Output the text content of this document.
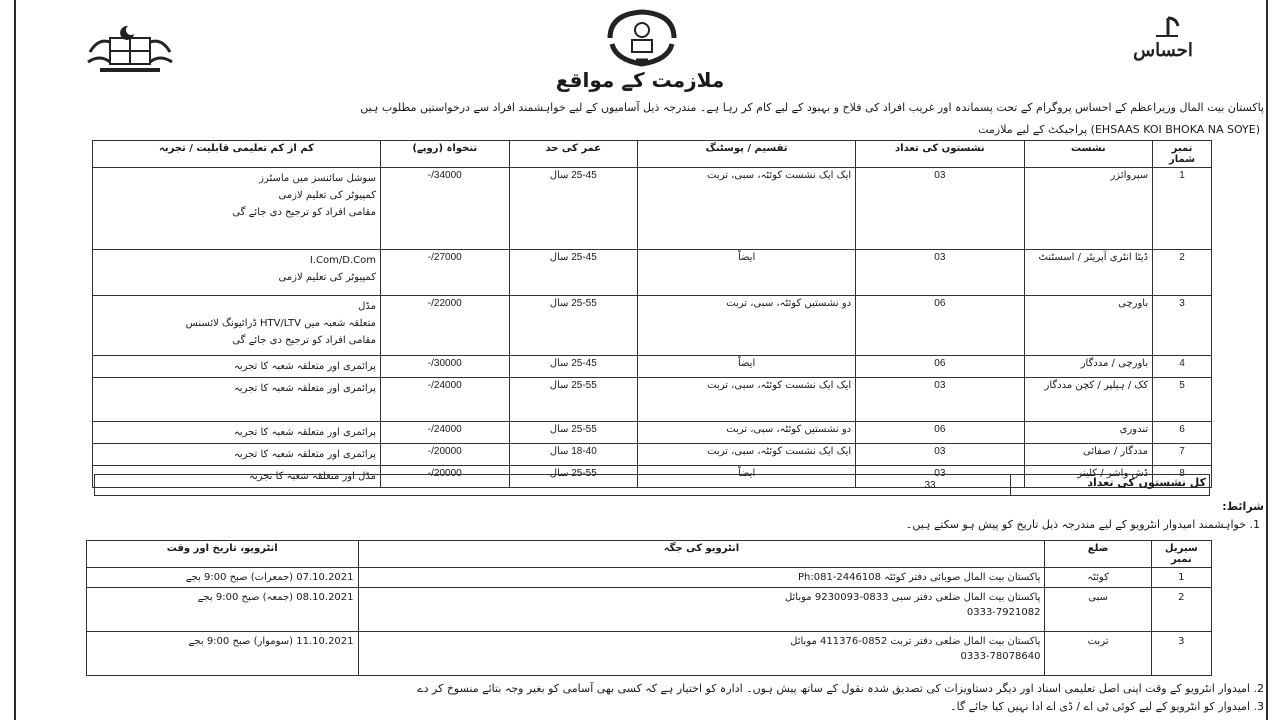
احساس
ملازمت کے مواقع
پاکستان بیت المال وزیراعظم کے احساس پروگرام کے تحت پسماندہ اور غریب افراد کی فلاح و بہبود کے لیے کام کر رہا ہے۔ مندرجہ ذیل آسامیوں کے لیے خواہشمند افراد سے درخواستیں مطلوب ہیں
(EHSAAS KOI BHOKA NA SOYE) پراجیکٹ کے لیے ملازمت
نمبر شمار	نشست	نشستوں کی تعداد	تقسیم / پوسٹنگ	عمر کی حد	تنخواہ (روپے)	کم از کم تعلیمی قابلیت / تجربہ
1	سپروائزر	03	ایک ایک نشست کوئٹہ، سبی، تربت	25-45 سال	34000/-	سوشل سائنسز میں ماسٹرز
کمپیوٹر کی تعلیم لازمی
مقامی افراد کو ترجیح دی جائے گی

2	ڈیٹا انٹری آپریٹر / اسسٹنٹ	03	ایضاً	25-45 سال	27000/-	I.Com/D.Com
کمپیوٹر کی تعلیم لازمی

3	باورچی	06	دو نشستیں کوئٹہ، سبی، تربت	25-55 سال	22000/-	مڈل
متعلقہ شعبہ میں HTV/LTV ڈرائیونگ لائسنس
مقامی افراد کو ترجیح دی جائے گی

4	باورچی / مددگار	06	ایضاً	25-45 سال	30000/-	پرائمری اور متعلقہ شعبہ کا تجربہ
5	کک / ہیلپر / کچن مددگار	03	ایک ایک نشست کوئٹہ، سبی، تربت	25-55 سال	24000/-	پرائمری اور متعلقہ شعبہ کا تجربہ
6	تندوری	06	دو نشستیں کوئٹہ، سبی، تربت	25-55 سال	24000/-	پرائمری اور متعلقہ شعبہ کا تجربہ
7	مددگار / صفائی	03	ایک ایک نشست کوئٹہ، سبی، تربت	18-40 سال	20000/-	پرائمری اور متعلقہ شعبہ کا تجربہ
8	ڈش واشر / کلینر	03	ایضاً	25-55 سال	20000/-	مڈل اور متعلقہ شعبہ کا تجربہ	کل نشستوں کی تعداد
33
شرائط:
1. خواہشمند امیدوار انٹرویو کے لیے مندرجہ ذیل تاریخ کو پیش ہو سکتے ہیں۔
سیریل نمبر	ضلع	انٹرویو کی جگہ	انٹرویو، تاریخ اور وقت
1	کوئٹہ	پاکستان بیت المال صوبائی دفتر کوئٹہ Ph:081-2446108	07.10.2021 (جمعرات) صبح 9:00 بجے
2	سبی	پاکستان بیت المال ضلعی دفتر سبی 0833-9230093 موبائل
0333-7921082	08.10.2021 (جمعہ) صبح 9:00 بجے
3	تربت	پاکستان بیت المال ضلعی دفتر تربت 0852-411376 موبائل
0333-78078640	11.10.2021 (سوموار) صبح 9:00 بجے
2. امیدوار انٹرویو کے وقت اپنی اصل تعلیمی اسناد اور دیگر دستاویزات کی تصدیق شدہ نقول کے ساتھ پیش ہوں۔ ادارہ کو اختیار ہے کہ کسی بھی آسامی کو بغیر وجہ بتائے منسوخ کر دے
3. امیدوار کو انٹرویو کے لیے کوئی ٹی اے / ڈی اے ادا نہیں کیا جائے گا۔
